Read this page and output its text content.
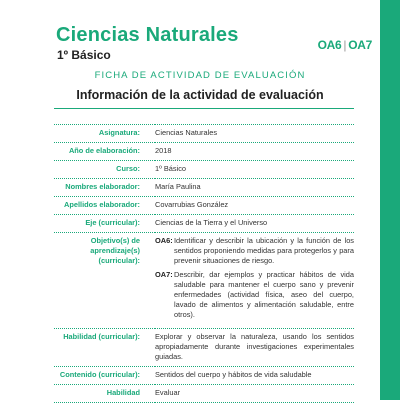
Ciencias Naturales
1º Básico
OA6 | OA7
FICHA DE ACTIVIDAD DE EVALUACIÓN
Información de la actividad de evaluación
Asignatura:	Ciencias Naturales
Año de elaboración:	2018
Curso:	1º Básico
Nombres elaborador:	María Paulina
Apellidos elaborador:	Covarrubias González
Eje (curricular):	Ciencias de la Tierra y el Universo
Objetivo(s) de aprendizaje(s) (curricular):	OA6: Identificar y describir la ubicación y la función de los sentidos proponiendo medidas para protegerlos y para prevenir situaciones de riesgo.
OA7: Describir, dar ejemplos y practicar hábitos de vida saludable para mantener el cuerpo sano y prevenir enfermedades (actividad física, aseo del cuerpo, lavado de alimentos y alimentación saludable, entre otros).

Habilidad (curricular):	Explorar y observar la naturaleza, usando los sentidos apropiadamente durante investigaciones experimentales guiadas.
Contenido (curricular):	Sentidos del cuerpo y hábitos de vida saludable
Habilidad	Evaluar
